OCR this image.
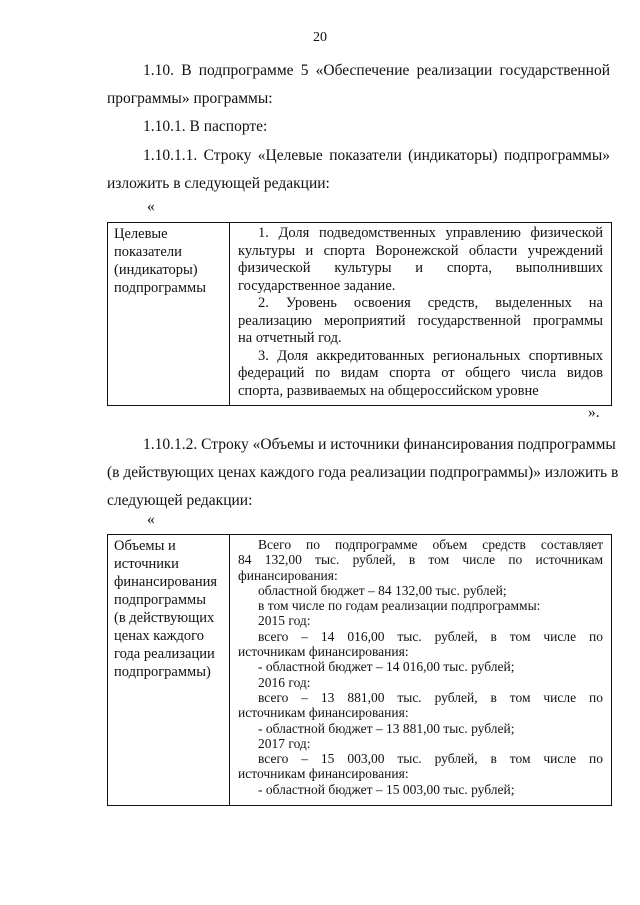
20
1.10. В подпрограмме 5 «Обеспечение реализации государственной
программы» программы:
1.10.1. В паспорте:
1.10.1.1. Строку «Целевые показатели (индикаторы) подпрограммы»
изложить в следующей редакции:
«
Целевые
показатели
(индикаторы)
подпрограммы
1. Доля подведомственных управлению физической
культуры и спорта Воронежской области учреждений
физической культуры и спорта, выполнивших
государственное задание.
2. Уровень освоения средств, выделенных на
реализацию мероприятий государственной программы
на отчетный год.
3. Доля аккредитованных региональных спортивных
федераций по видам спорта от общего числа видов
спорта, развиваемых на общероссийском уровне
».
1.10.1.2. Строку «Объемы и источники финансирования подпрограммы
(в действующих ценах каждого года реализации подпрограммы)» изложить в
следующей редакции:
«
Объемы и
источники
финансирования
подпрограммы
(в действующих
ценах каждого
года реализации
подпрограммы)
Всего по подпрограмме объем средств составляет
84 132,00 тыс. рублей, в том числе по источникам
финансирования:
областной бюджет – 84 132,00 тыс. рублей;
в том числе по годам реализации подпрограммы:
2015 год:
всего – 14 016,00 тыс. рублей, в том числе по
источникам финансирования:
- областной бюджет – 14 016,00 тыс. рублей;
2016 год:
всего – 13 881,00 тыс. рублей, в том числе по
источникам финансирования:
- областной бюджет – 13 881,00 тыс. рублей;
2017 год:
всего – 15 003,00 тыс. рублей, в том числе по
источникам финансирования:
- областной бюджет – 15 003,00 тыс. рублей;
